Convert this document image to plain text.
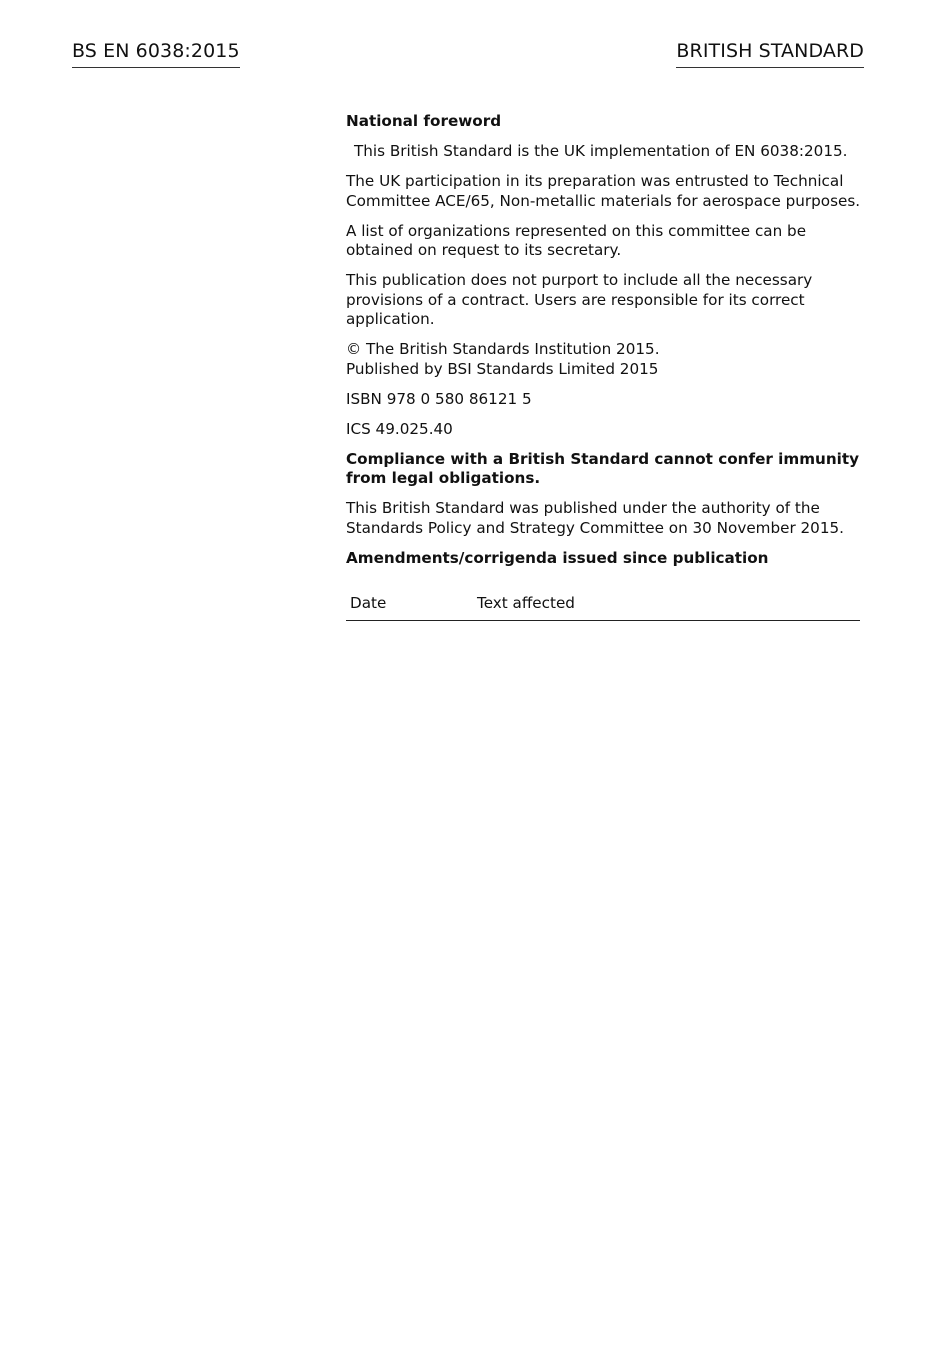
BS EN 6038:2015	BRITISH STANDARD

National foreword

This British Standard is the UK implementation of EN 6038:2015.

The UK participation in its preparation was entrusted to Technical Committee ACE/65, Non-metallic materials for aerospace purposes.

A list of organizations represented on this committee can be obtained on request to its secretary.

This publication does not purport to include all the necessary provisions of a contract. Users are responsible for its correct application.

© The British Standards Institution 2015.
Published by BSI Standards Limited 2015

ISBN 978 0 580 86121 5

ICS 49.025.40

Compliance with a British Standard cannot confer immunity from legal obligations.

This British Standard was published under the authority of the Standards Policy and Strategy Committee on 30 November 2015.

Amendments/corrigenda issued since publication

Date	Text affected
